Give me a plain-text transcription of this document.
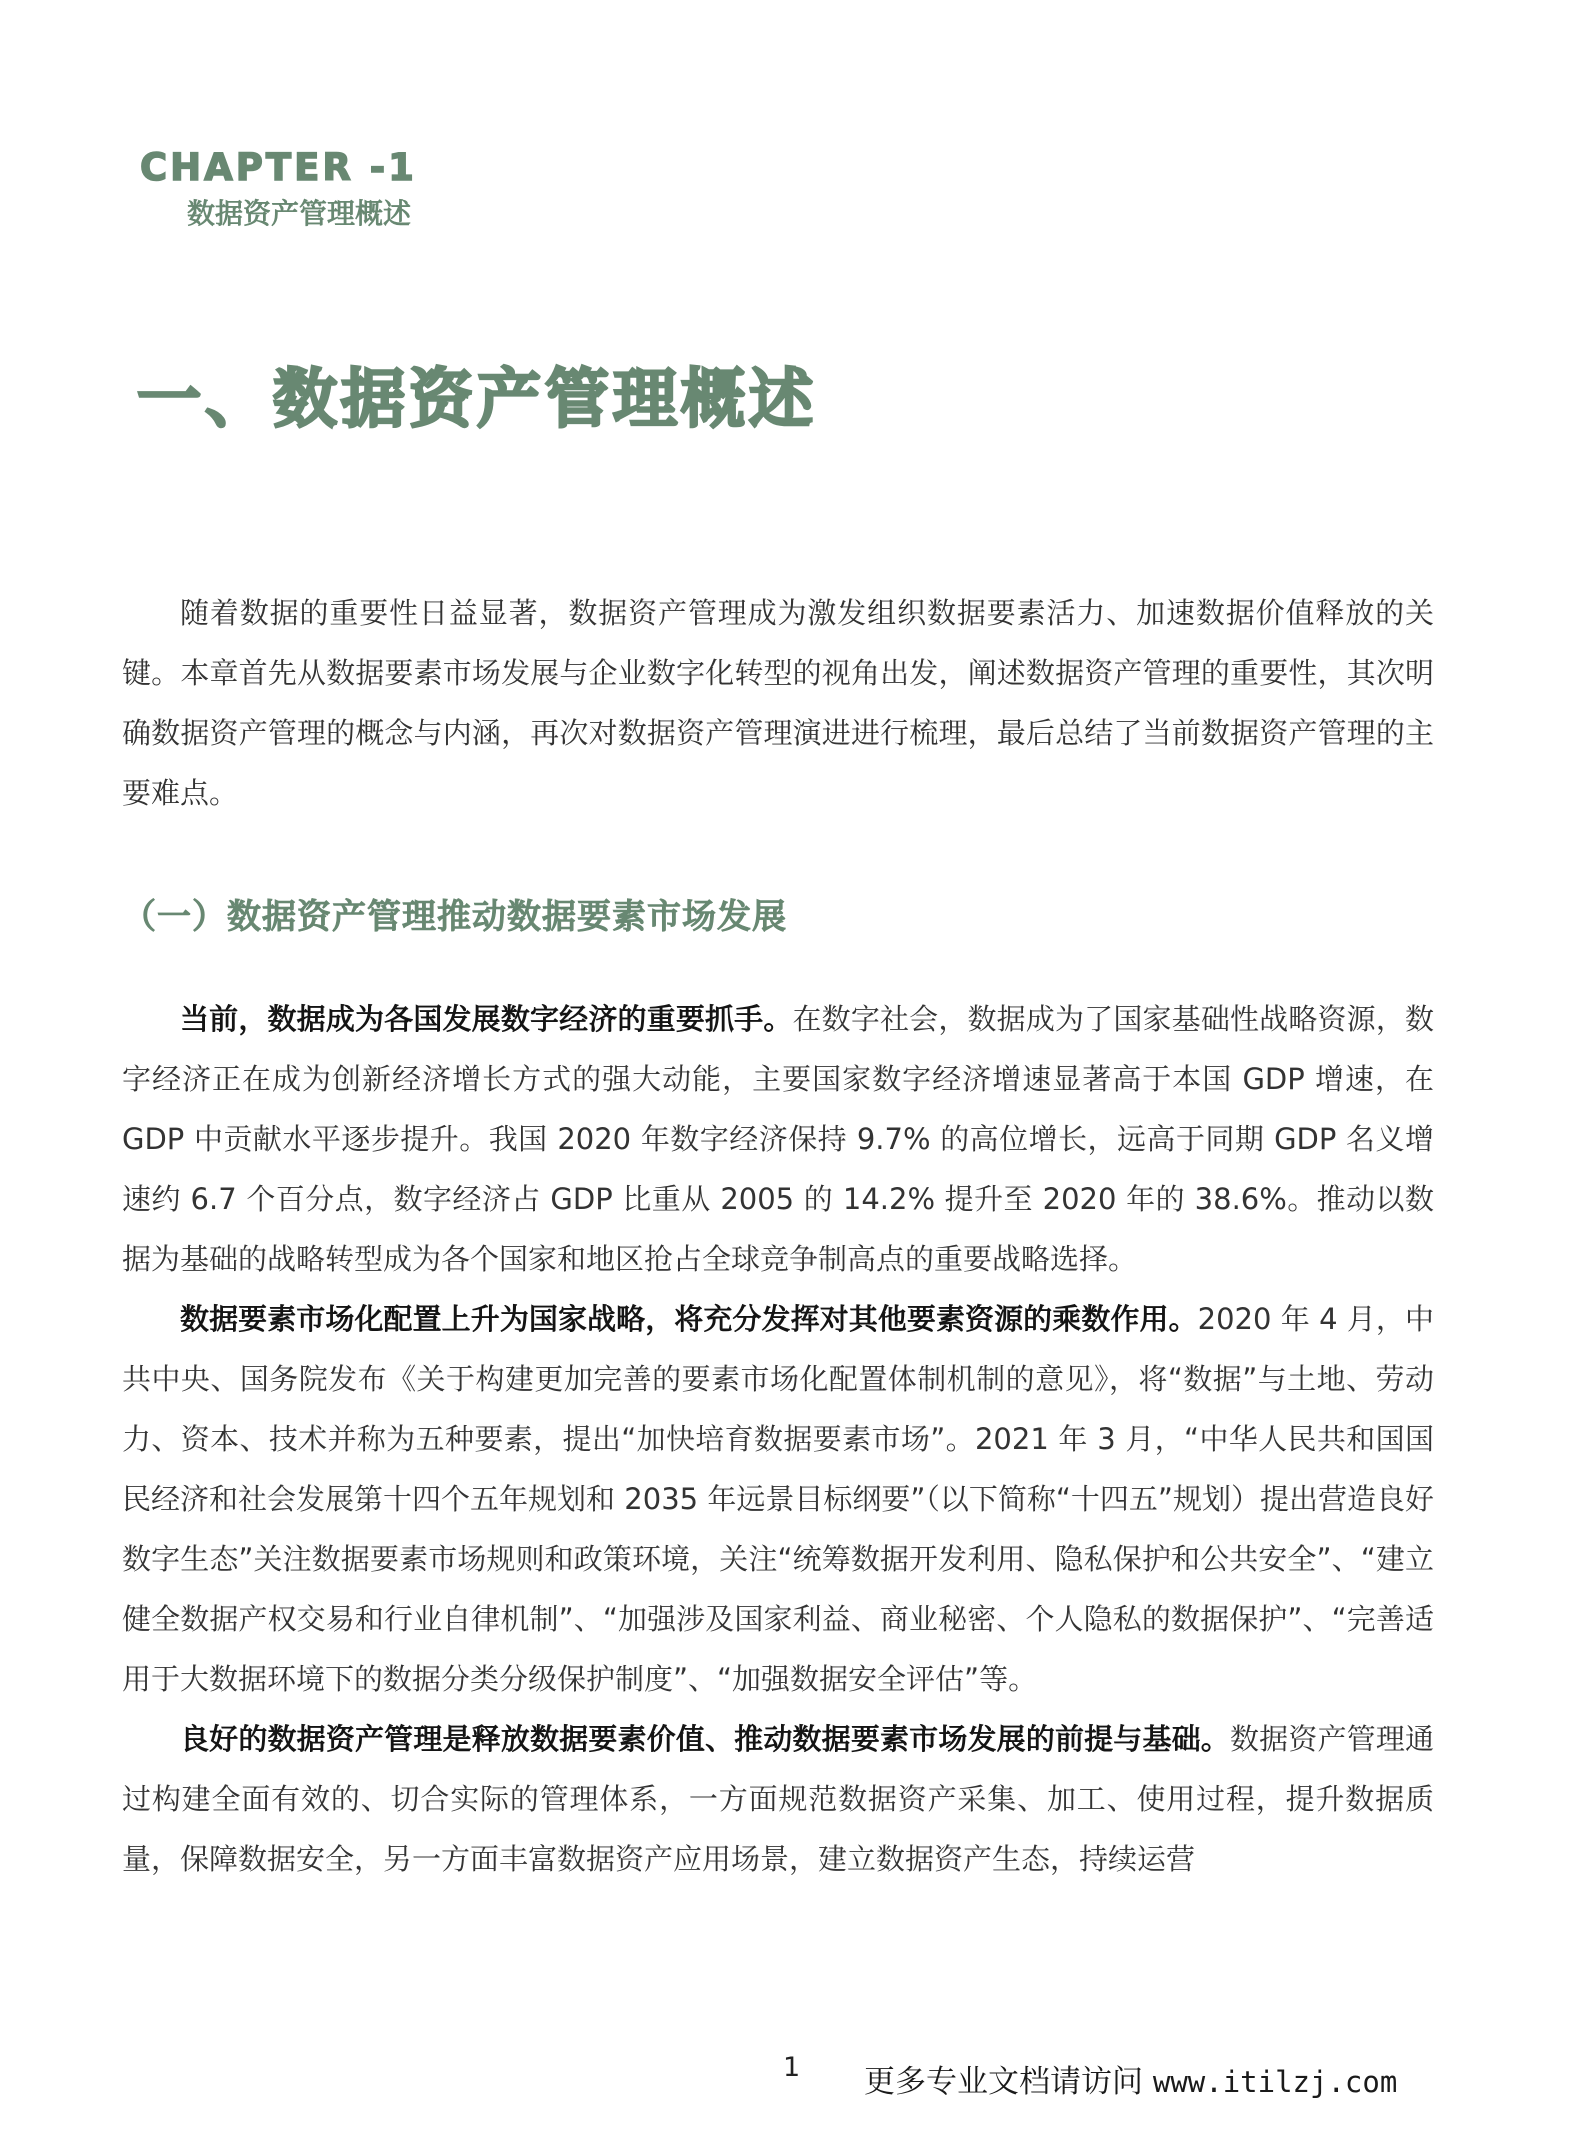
CHAPTER -1
数据资产管理概述
一、数据资产管理概述

随着数据的重要性日益显著，数据资产管理成为激发组织数据要素活力、加速数据价值释放的关键。本章首先从数据要素市场发展与企业数字化转型的视角出发，阐述数据资产管理的重要性，其次明确数据资产管理的概念与内涵，再次对数据资产管理演进进行梳理，最后总结了当前数据资产管理的主要难点。

（一）数据资产管理推动数据要素市场发展

当前，数据成为各国发展数字经济的重要抓手。在数字社会，数据成为了国家基础性战略资源，数字经济正在成为创新经济增长方式的强大动能，主要国家数字经济增速显著高于本国 GDP 增速，在 GDP 中贡献水平逐步提升。我国 2020 年数字经济保持 9.7% 的高位增长，远高于同期 GDP 名义增速约 6.7 个百分点，数字经济占 GDP 比重从 2005 的 14.2% 提升至 2020 年的 38.6%。推动以数据为基础的战略转型成为各个国家和地区抢占全球竞争制高点的重要战略选择。

数据要素市场化配置上升为国家战略，将充分发挥对其他要素资源的乘数作用。2020 年 4 月，中共中央、国务院发布《关于构建更加完善的要素市场化配置体制机制的意见》，将“数据”与土地、劳动力、资本、技术并称为五种要素，提出“加快培育数据要素市场”。2021 年 3 月，“中华人民共和国国民经济和社会发展第十四个五年规划和 2035 年远景目标纲要”（以下简称“十四五”规划）提出营造良好数字生态”关注数据要素市场规则和政策环境，关注“统筹数据开发利用、隐私保护和公共安全”、“建立健全数据产权交易和行业自律机制”、“加强涉及国家利益、商业秘密、个人隐私的数据保护”、“完善适用于大数据环境下的数据分类分级保护制度”、“加强数据安全评估”等。

良好的数据资产管理是释放数据要素价值、推动数据要素市场发展的前提与基础。数据资产管理通过构建全面有效的、切合实际的管理体系，一方面规范数据资产采集、加工、使用过程，提升数据质量，保障数据安全，另一方面丰富数据资产应用场景，建立数据资产生态，持续运营

1 更多专业文档请访问 www.itilzj.com
